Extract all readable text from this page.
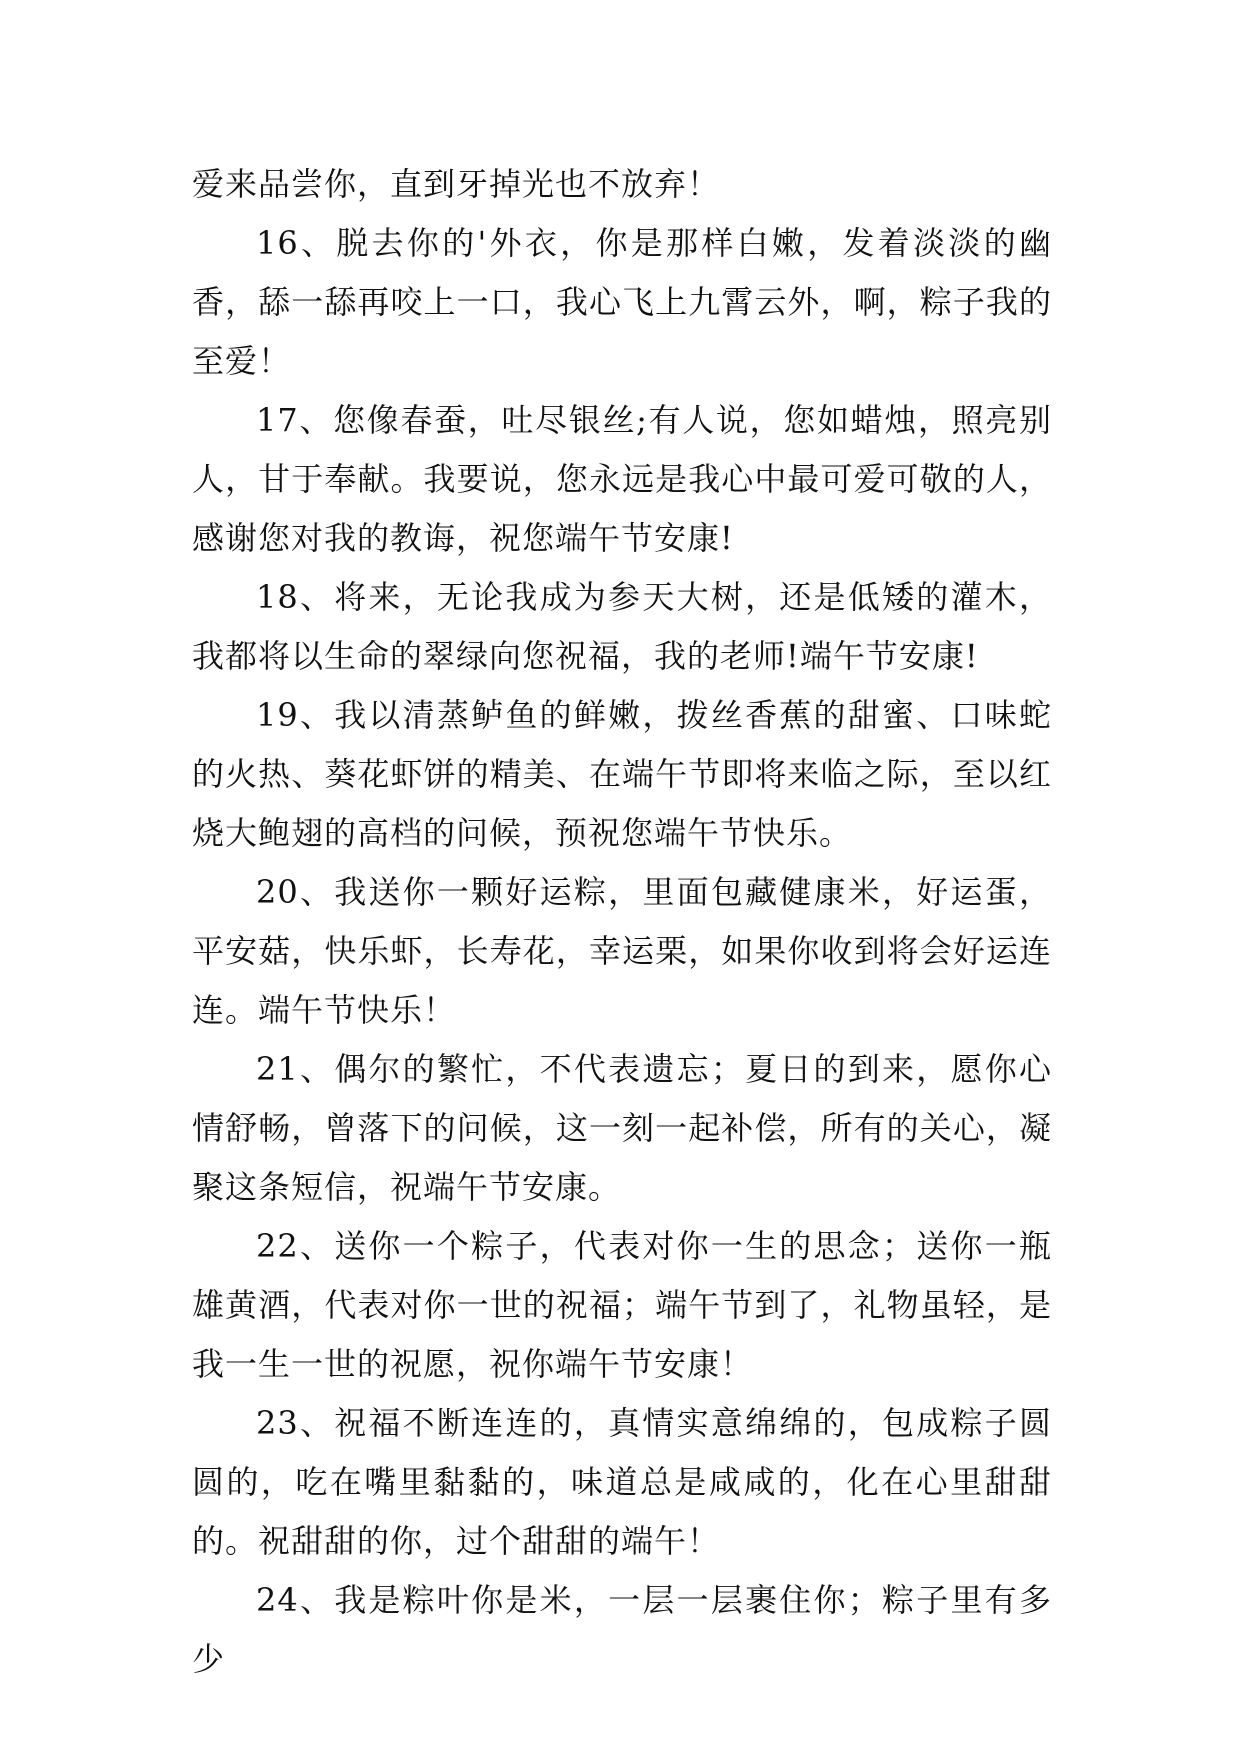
爱来品尝你，直到牙掉光也不放弃！

16、脱去你的'外衣，你是那样白嫩，发着淡淡的幽香，舔一舔再咬上一口，我心飞上九霄云外，啊，粽子我的至爱！

17、您像春蚕，吐尽银丝;有人说，您如蜡烛，照亮别人，甘于奉献。我要说，您永远是我心中最可爱可敬的人，感谢您对我的教诲，祝您端午节安康!

18、将来，无论我成为参天大树，还是低矮的灌木，我都将以生命的翠绿向您祝福，我的老师!端午节安康!

19、我以清蒸鲈鱼的鲜嫩，拨丝香蕉的甜蜜、口味蛇的火热、葵花虾饼的精美、在端午节即将来临之际，至以红烧大鲍翅的高档的问候，预祝您端午节快乐。

20、我送你一颗好运粽，里面包藏健康米，好运蛋，平安菇，快乐虾，长寿花，幸运栗，如果你收到将会好运连连。端午节快乐！

21、偶尔的繁忙，不代表遗忘；夏日的到来，愿你心情舒畅，曾落下的问候，这一刻一起补偿，所有的关心，凝聚这条短信，祝端午节安康。

22、送你一个粽子，代表对你一生的思念；送你一瓶雄黄酒，代表对你一世的祝福；端午节到了，礼物虽轻，是我一生一世的祝愿，祝你端午节安康！

23、祝福不断连连的，真情实意绵绵的，包成粽子圆圆的，吃在嘴里黏黏的，味道总是咸咸的，化在心里甜甜的。祝甜甜的你，过个甜甜的端午！

24、我是粽叶你是米，一层一层裹住你；粽子里有多少
